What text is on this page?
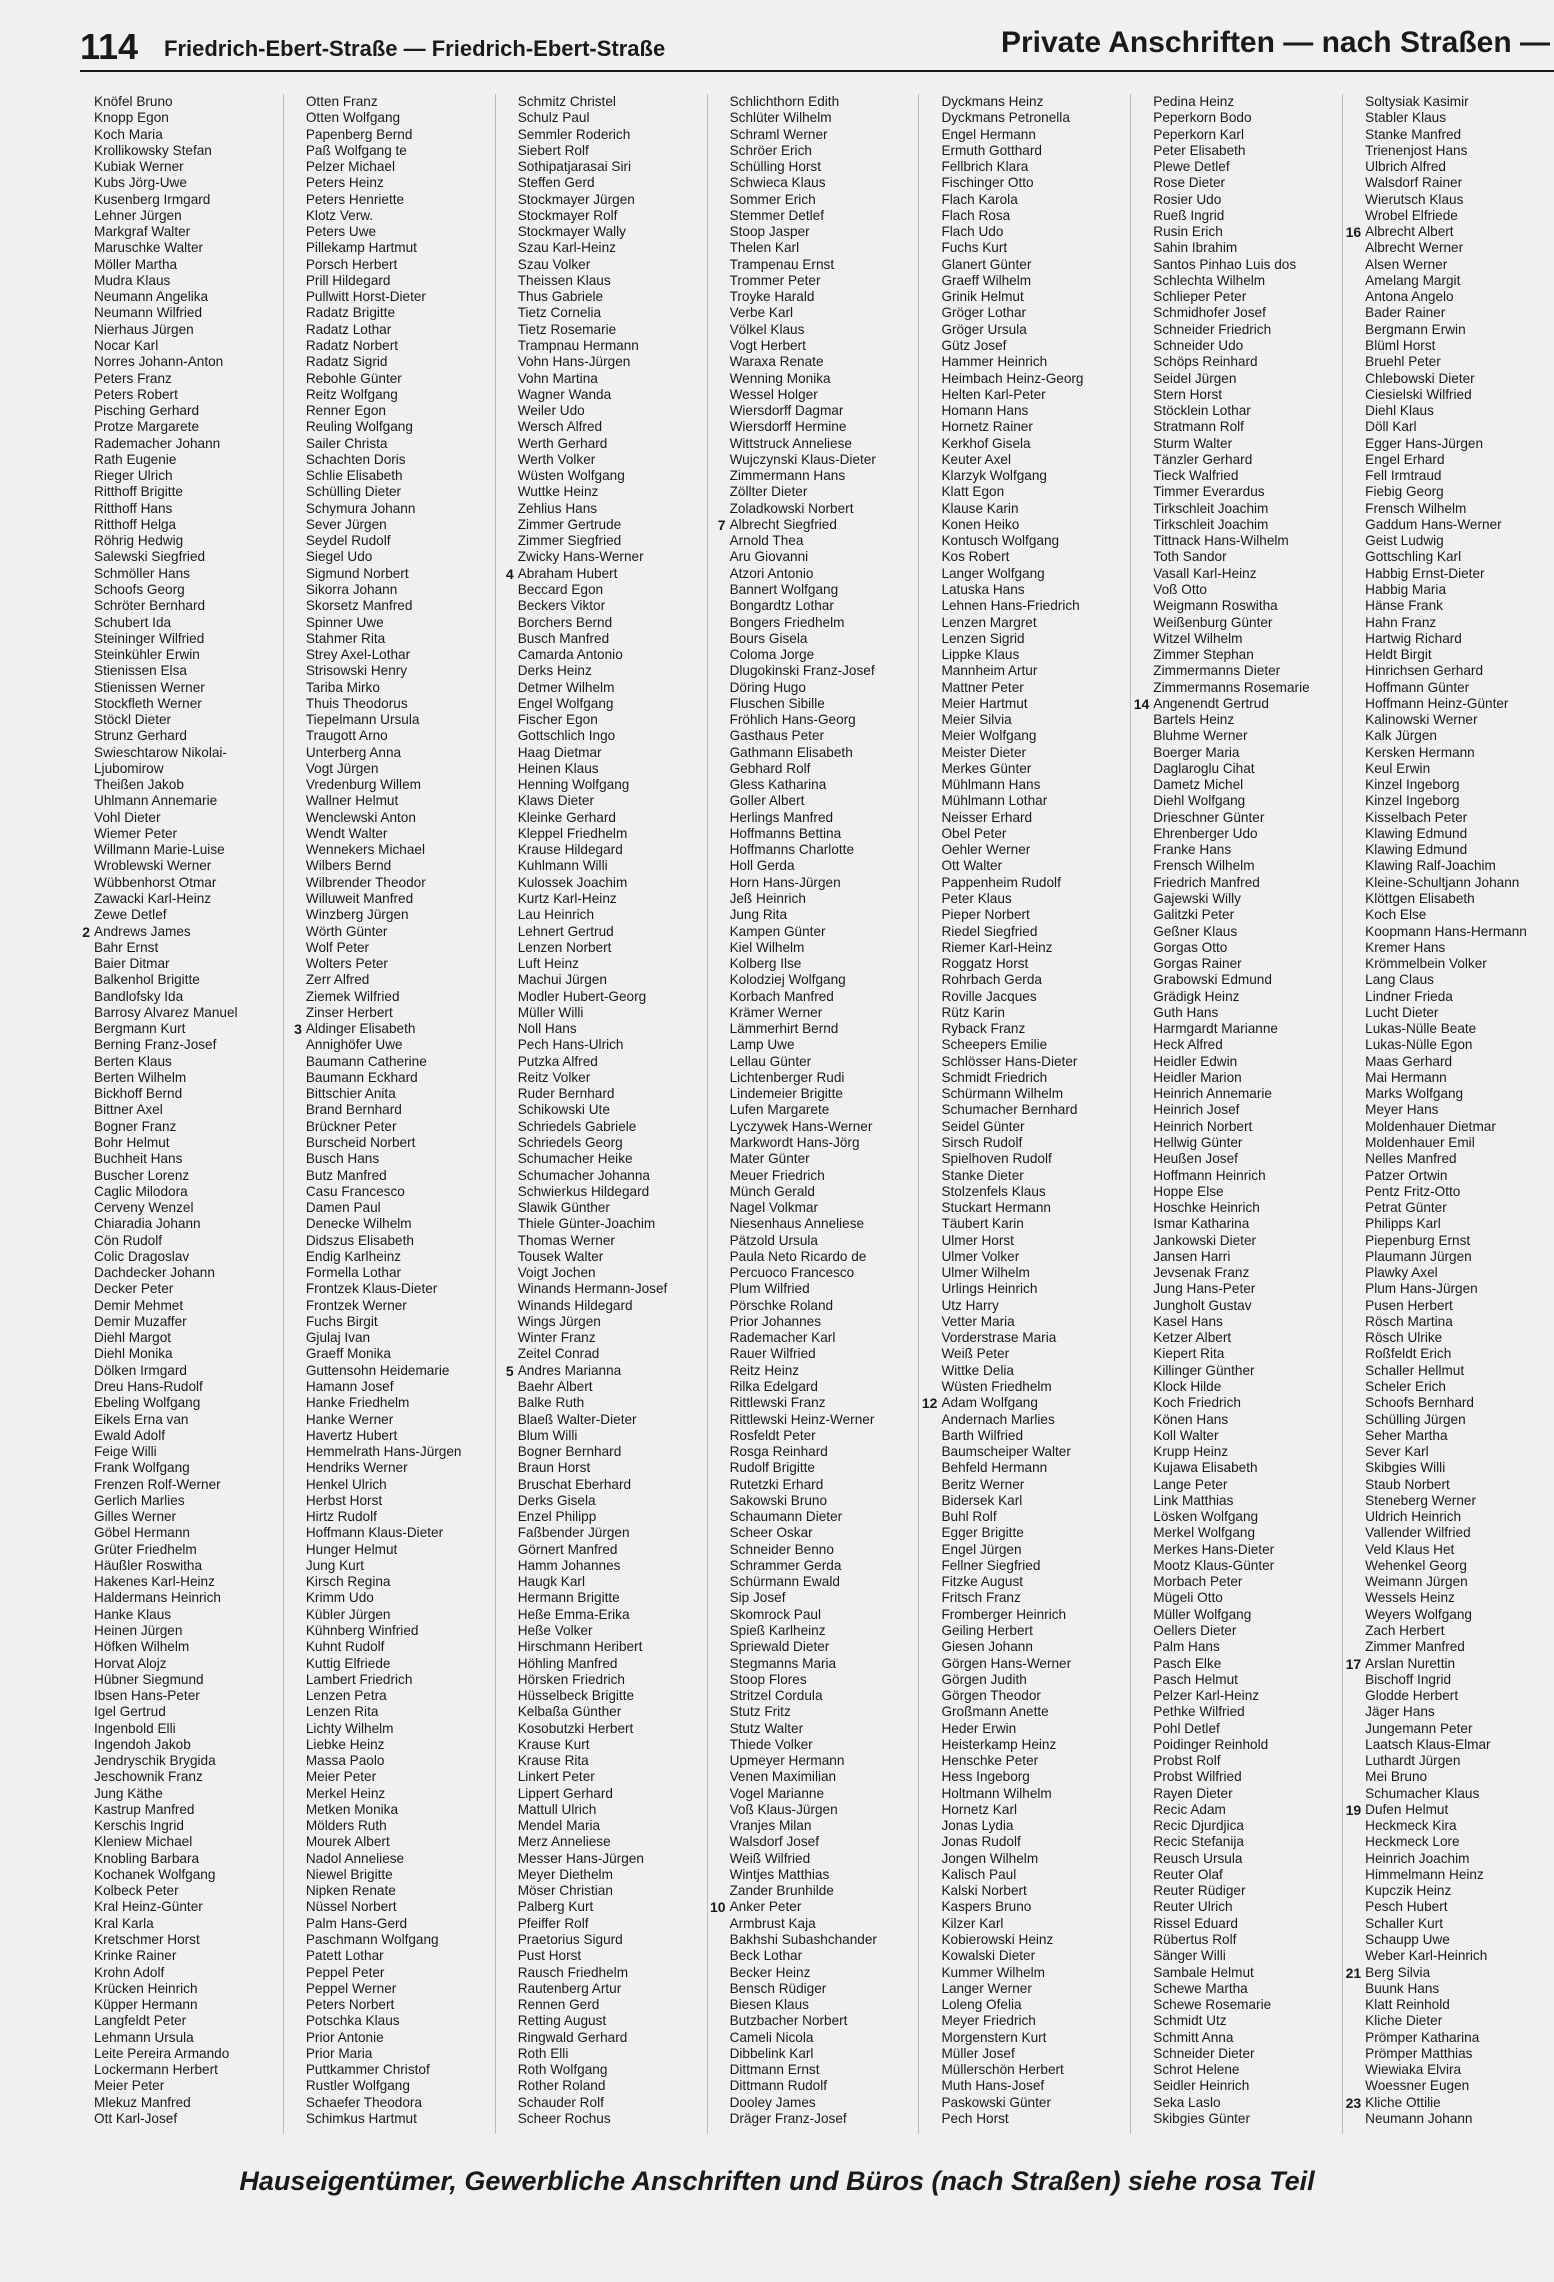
114 Friedrich-Ebert-Straße — Friedrich-Ebert-Straße	Private Anschriften — nach Straßen —
Knöfel Bruno
Knopp Egon
Koch Maria
Krollikowsky Stefan
Kubiak Werner
Kubs Jörg-Uwe
Kusenberg Irmgard
Lehner Jürgen
Markgraf Walter
Maruschke Walter
Möller Martha
Mudra Klaus
Neumann Angelika
Neumann Wilfried
Nierhaus Jürgen
Nocar Karl
Norres Johann-Anton
Peters Franz
Peters Robert
Pisching Gerhard
Protze Margarete
Rademacher Johann
Rath Eugenie
Rieger Ulrich
Ritthoff Brigitte
Ritthoff Hans
Ritthoff Helga
Röhrig Hedwig
Salewski Siegfried
Schmöller Hans
Schoofs Georg
Schröter Bernhard
Schubert Ida
Steininger Wilfried
Steinkühler Erwin
Stienissen Elsa
Stienissen Werner
Stockfleth Werner
Stöckl Dieter
Strunz Gerhard
Swieschtarow Nikolai-
Ljubomirow
Theißen Jakob
Uhlmann Annemarie
Vohl Dieter
Wiemer Peter
Willmann Marie-Luise
Wroblewski Werner
Wübbenhorst Otmar
Zawacki Karl-Heinz
Zewe Detlef
2 Andrews James
Bahr Ernst
Baier Ditmar
Balkenhol Brigitte
Bandlofsky Ida
Barrosy Alvarez Manuel
Bergmann Kurt
Berning Franz-Josef
Berten Klaus
Berten Wilhelm
Bickhoff Bernd
Bittner Axel
Bogner Franz
Bohr Helmut
Buchheit Hans
Buscher Lorenz
Caglic Milodora
Cerveny Wenzel
Chiaradia Johann
Cön Rudolf
Colic Dragoslav
Dachdecker Johann
Decker Peter
Demir Mehmet
Demir Muzaffer
Diehl Margot
Diehl Monika
Dölken Irmgard
Dreu Hans-Rudolf
Ebeling Wolfgang
Eikels Erna van
Ewald Adolf
Feige Willi
Frank Wolfgang
Frenzen Rolf-Werner
Gerlich Marlies
Gilles Werner
Göbel Hermann
Grüter Friedhelm
Häußler Roswitha
Hakenes Karl-Heinz
Haldermans Heinrich
Hanke Klaus
Heinen Jürgen
Höfken Wilhelm
Horvat Alojz
Hübner Siegmund
Ibsen Hans-Peter
Igel Gertrud
Ingenbold Elli
Ingendoh Jakob
Jendryschik Brygida
Jeschownik Franz
Jung Käthe
Kastrup Manfred
Kerschis Ingrid
Kleniew Michael
Knobling Barbara
Kochanek Wolfgang
Kolbeck Peter
Kral Heinz-Günter
Kral Karla
Kretschmer Horst
Krinke Rainer
Krohn Adolf
Krücken Heinrich
Küpper Hermann
Langfeldt Peter
Lehmann Ursula
Leite Pereira Armando
Lockermann Herbert
Meier Peter
Mlekuz Manfred
Ott Karl-Josef
Otten Franz
Otten Wolfgang
Papenberg Bernd
Paß Wolfgang te
Pelzer Michael
Peters Heinz
Peters Henriette
Klotz Verw.
Peters Uwe
Pillekamp Hartmut
Porsch Herbert
Prill Hildegard
Pullwitt Horst-Dieter
Radatz Brigitte
Radatz Lothar
Radatz Norbert
Radatz Sigrid
Rebohle Günter
Reitz Wolfgang
Renner Egon
Reuling Wolfgang
Sailer Christa
Schachten Doris
Schlie Elisabeth
Schülling Dieter
Schymura Johann
Sever Jürgen
Seydel Rudolf
Siegel Udo
Sigmund Norbert
Sikorra Johann
Skorsetz Manfred
Spinner Uwe
Stahmer Rita
Strey Axel-Lothar
Strisowski Henry
Tariba Mirko
Thuis Theodorus
Tiepelmann Ursula
Traugott Arno
Unterberg Anna
Vogt Jürgen
Vredenburg Willem
Wallner Helmut
Wenclewski Anton
Wendt Walter
Wennekers Michael
Wilbers Bernd
Wilbrender Theodor
Willuweit Manfred
Winzberg Jürgen
Wörth Günter
Wolf Peter
Wolters Peter
Zerr Alfred
Ziemek Wilfried
Zinser Herbert
3 Aldinger Elisabeth
Annighöfer Uwe
Baumann Catherine
Baumann Eckhard
Bittschier Anita
Brand Bernhard
Brückner Peter
Burscheid Norbert
Busch Hans
Butz Manfred
Casu Francesco
Damen Paul
Denecke Wilhelm
Didszus Elisabeth
Endig Karlheinz
Formella Lothar
Frontzek Klaus-Dieter
Frontzek Werner
Fuchs Birgit
Gjulaj Ivan
Graeff Monika
Guttensohn Heidemarie
Hamann Josef
Hanke Friedhelm
Hanke Werner
Havertz Hubert
Hemmelrath Hans-Jürgen
Hendriks Werner
Henkel Ulrich
Herbst Horst
Hirtz Rudolf
Hoffmann Klaus-Dieter
Hunger Helmut
Jung Kurt
Kirsch Regina
Krimm Udo
Kübler Jürgen
Kühnberg Winfried
Kuhnt Rudolf
Kuttig Elfriede
Lambert Friedrich
Lenzen Petra
Lenzen Rita
Lichty Wilhelm
Liebke Heinz
Massa Paolo
Meier Peter
Merkel Heinz
Metken Monika
Mölders Ruth
Mourek Albert
Nadol Anneliese
Niewel Brigitte
Nipken Renate
Nüssel Norbert
Palm Hans-Gerd
Paschmann Wolfgang
Patett Lothar
Peppel Peter
Peppel Werner
Peters Norbert
Potschka Klaus
Prior Antonie
Prior Maria
Puttkammer Christof
Rustler Wolfgang
Schaefer Theodora
Schimkus Hartmut
Schmitz Christel
Schulz Paul
Semmler Roderich
Siebert Rolf
Sothipatjarasai Siri
Steffen Gerd
Stockmayer Jürgen
Stockmayer Rolf
Stockmayer Wally
Szau Karl-Heinz
Szau Volker
Theissen Klaus
Thus Gabriele
Tietz Cornelia
Tietz Rosemarie
Trampnau Hermann
Vohn Hans-Jürgen
Vohn Martina
Wagner Wanda
Weiler Udo
Wersch Alfred
Werth Gerhard
Werth Volker
Wüsten Wolfgang
Wuttke Heinz
Zehlius Hans
Zimmer Gertrude
Zimmer Siegfried
Zwicky Hans-Werner
4 Abraham Hubert
Beccard Egon
Beckers Viktor
Borchers Bernd
Busch Manfred
Camarda Antonio
Derks Heinz
Detmer Wilhelm
Engel Wolfgang
Fischer Egon
Gottschlich Ingo
Haag Dietmar
Heinen Klaus
Henning Wolfgang
Klaws Dieter
Kleinke Gerhard
Kleppel Friedhelm
Krause Hildegard
Kuhlmann Willi
Kulossek Joachim
Kurtz Karl-Heinz
Lau Heinrich
Lehnert Gertrud
Lenzen Norbert
Luft Heinz
Machui Jürgen
Modler Hubert-Georg
Müller Willi
Noll Hans
Pech Hans-Ulrich
Putzka Alfred
Reitz Volker
Ruder Bernhard
Schikowski Ute
Schriedels Gabriele
Schriedels Georg
Schumacher Heike
Schumacher Johanna
Schwierkus Hildegard
Slawik Günther
Thiele Günter-Joachim
Thomas Werner
Tousek Walter
Voigt Jochen
Winands Hermann-Josef
Winands Hildegard
Wings Jürgen
Winter Franz
Zeitel Conrad
5 Andres Marianna
Baehr Albert
Balke Ruth
Blaeß Walter-Dieter
Blum Willi
Bogner Bernhard
Braun Horst
Bruschat Eberhard
Derks Gisela
Enzel Philipp
Faßbender Jürgen
Görnert Manfred
Hamm Johannes
Haugk Karl
Hermann Brigitte
Heße Emma-Erika
Heße Volker
Hirschmann Heribert
Höhling Manfred
Hörsken Friedrich
Hüsselbeck Brigitte
Kelbaßa Günther
Kosobutzki Herbert
Krause Kurt
Krause Rita
Linkert Peter
Lippert Gerhard
Mattull Ulrich
Mendel Maria
Merz Anneliese
Messer Hans-Jürgen
Meyer Diethelm
Möser Christian
Palberg Kurt
Pfeiffer Rolf
Praetorius Sigurd
Pust Horst
Rausch Friedhelm
Rautenberg Artur
Rennen Gerd
Retting August
Ringwald Gerhard
Roth Elli
Roth Wolfgang
Rother Roland
Schauder Rolf
Scheer Rochus
Schlichthorn Edith
Schlüter Wilhelm
Schraml Werner
Schröer Erich
Schülling Horst
Schwieca Klaus
Sommer Erich
Stemmer Detlef
Stoop Jasper
Thelen Karl
Trampenau Ernst
Trommer Peter
Troyke Harald
Verbe Karl
Völkel Klaus
Vogt Herbert
Waraxa Renate
Wenning Monika
Wessel Holger
Wiersdorff Dagmar
Wiersdorff Hermine
Wittstruck Anneliese
Wujczynski Klaus-Dieter
Zimmermann Hans
Zöllter Dieter
Zoladkowski Norbert
7 Albrecht Siegfried
Arnold Thea
Aru Giovanni
Atzori Antonio
Bannert Wolfgang
Bongardtz Lothar
Bongers Friedhelm
Bours Gisela
Coloma Jorge
Dlugokinski Franz-Josef
Döring Hugo
Fluschen Sibille
Fröhlich Hans-Georg
Gasthaus Peter
Gathmann Elisabeth
Gebhard Rolf
Gless Katharina
Goller Albert
Herlings Manfred
Hoffmanns Bettina
Hoffmanns Charlotte
Holl Gerda
Horn Hans-Jürgen
Jeß Heinrich
Jung Rita
Kampen Günter
Kiel Wilhelm
Kolberg Ilse
Kolodziej Wolfgang
Korbach Manfred
Krämer Werner
Lämmerhirt Bernd
Lamp Uwe
Lellau Günter
Lichtenberger Rudi
Lindemeier Brigitte
Lufen Margarete
Lyczywek Hans-Werner
Markwordt Hans-Jörg
Mater Günter
Meuer Friedrich
Münch Gerald
Nagel Volkmar
Niesenhaus Anneliese
Pätzold Ursula
Paula Neto Ricardo de
Percuoco Francesco
Plum Wilfried
Pörschke Roland
Prior Johannes
Rademacher Karl
Rauer Wilfried
Reitz Heinz
Rilka Edelgard
Rittlewski Franz
Rittlewski Heinz-Werner
Rosfeldt Peter
Rosga Reinhard
Rudolf Brigitte
Rutetzki Erhard
Sakowski Bruno
Schaumann Dieter
Scheer Oskar
Schneider Benno
Schrammer Gerda
Schürmann Ewald
Sip Josef
Skomrock Paul
Spieß Karlheinz
Spriewald Dieter
Stegmanns Maria
Stoop Flores
Stritzel Cordula
Stutz Fritz
Stutz Walter
Thiede Volker
Upmeyer Hermann
Venen Maximilian
Vogel Marianne
Voß Klaus-Jürgen
Vranjes Milan
Walsdorf Josef
Weiß Wilfried
Wintjes Matthias
Zander Brunhilde
10 Anker Peter
Armbrust Kaja
Bakhshi Subashchander
Beck Lothar
Becker Heinz
Bensch Rüdiger
Biesen Klaus
Butzbacher Norbert
Cameli Nicola
Dibbelink Karl
Dittmann Ernst
Dittmann Rudolf
Dooley James
Dräger Franz-Josef
Dyckmans Heinz
Dyckmans Petronella
Engel Hermann
Ermuth Gotthard
Fellbrich Klara
Fischinger Otto
Flach Karola
Flach Rosa
Flach Udo
Fuchs Kurt
Glanert Günter
Graeff Wilhelm
Grinik Helmut
Gröger Lothar
Gröger Ursula
Gütz Josef
Hammer Heinrich
Heimbach Heinz-Georg
Helten Karl-Peter
Homann Hans
Hornetz Rainer
Kerkhof Gisela
Keuter Axel
Klarzyk Wolfgang
Klatt Egon
Klause Karin
Konen Heiko
Kontusch Wolfgang
Kos Robert
Langer Wolfgang
Latuska Hans
Lehnen Hans-Friedrich
Lenzen Margret
Lenzen Sigrid
Lippke Klaus
Mannheim Artur
Mattner Peter
Meier Hartmut
Meier Silvia
Meier Wolfgang
Meister Dieter
Merkes Günter
Mühlmann Hans
Mühlmann Lothar
Neisser Erhard
Obel Peter
Oehler Werner
Ott Walter
Pappenheim Rudolf
Peter Klaus
Pieper Norbert
Riedel Siegfried
Riemer Karl-Heinz
Roggatz Horst
Rohrbach Gerda
Roville Jacques
Rütz Karin
Ryback Franz
Scheepers Emilie
Schlösser Hans-Dieter
Schmidt Friedrich
Schürmann Wilhelm
Schumacher Bernhard
Seidel Günter
Sirsch Rudolf
Spielhoven Rudolf
Stanke Dieter
Stolzenfels Klaus
Stuckart Hermann
Täubert Karin
Ulmer Horst
Ulmer Volker
Ulmer Wilhelm
Urlings Heinrich
Utz Harry
Vetter Maria
Vorderstrase Maria
Weiß Peter
Wittke Delia
Wüsten Friedhelm
12 Adam Wolfgang
Andernach Marlies
Barth Wilfried
Baumscheiper Walter
Behfeld Hermann
Beritz Werner
Bidersek Karl
Buhl Rolf
Egger Brigitte
Engel Jürgen
Fellner Siegfried
Fitzke August
Fritsch Franz
Fromberger Heinrich
Geiling Herbert
Giesen Johann
Görgen Hans-Werner
Görgen Judith
Görgen Theodor
Großmann Anette
Heder Erwin
Heisterkamp Heinz
Henschke Peter
Hess Ingeborg
Holtmann Wilhelm
Hornetz Karl
Jonas Lydia
Jonas Rudolf
Jongen Wilhelm
Kalisch Paul
Kalski Norbert
Kaspers Bruno
Kilzer Karl
Kobierowski Heinz
Kowalski Dieter
Kummer Wilhelm
Langer Werner
Loleng Ofelia
Meyer Friedrich
Morgenstern Kurt
Müller Josef
Müllerschön Herbert
Muth Hans-Josef
Paskowski Günter
Pech Horst
Pedina Heinz
Peperkorn Bodo
Peperkorn Karl
Peter Elisabeth
Plewe Detlef
Rose Dieter
Rosier Udo
Rueß Ingrid
Rusin Erich
Sahin Ibrahim
Santos Pinhao Luis dos
Schlechta Wilhelm
Schlieper Peter
Schmidhofer Josef
Schneider Friedrich
Schneider Udo
Schöps Reinhard
Seidel Jürgen
Stern Horst
Stöcklein Lothar
Stratmann Rolf
Sturm Walter
Tänzler Gerhard
Tieck Walfried
Timmer Everardus
Tirkschleit Joachim
Tirkschleit Joachim
Tittnack Hans-Wilhelm
Toth Sandor
Vasall Karl-Heinz
Voß Otto
Weigmann Roswitha
Weißenburg Günter
Witzel Wilhelm
Zimmer Stephan
Zimmermanns Dieter
Zimmermanns Rosemarie
14 Angenendt Gertrud
Bartels Heinz
Bluhme Werner
Boerger Maria
Daglaroglu Cihat
Dametz Michel
Diehl Wolfgang
Drieschner Günter
Ehrenberger Udo
Franke Hans
Frensch Wilhelm
Friedrich Manfred
Gajewski Willy
Galitzki Peter
Geßner Klaus
Gorgas Otto
Gorgas Rainer
Grabowski Edmund
Grädigk Heinz
Guth Hans
Harmgardt Marianne
Heck Alfred
Heidler Edwin
Heidler Marion
Heinrich Annemarie
Heinrich Josef
Heinrich Norbert
Hellwig Günter
Heußen Josef
Hoffmann Heinrich
Hoppe Else
Hoschke Heinrich
Ismar Katharina
Jankowski Dieter
Jansen Harri
Jevsenak Franz
Jung Hans-Peter
Jungholt Gustav
Kasel Hans
Ketzer Albert
Kiepert Rita
Killinger Günther
Klock Hilde
Koch Friedrich
Könen Hans
Koll Walter
Krupp Heinz
Kujawa Elisabeth
Lange Peter
Link Matthias
Lösken Wolfgang
Merkel Wolfgang
Merkes Hans-Dieter
Mootz Klaus-Günter
Morbach Peter
Mügeli Otto
Müller Wolfgang
Oellers Dieter
Palm Hans
Pasch Elke
Pasch Helmut
Pelzer Karl-Heinz
Pethke Wilfried
Pohl Detlef
Poidinger Reinhold
Probst Rolf
Probst Wilfried
Rayen Dieter
Recic Adam
Recic Djurdjica
Recic Stefanija
Reusch Ursula
Reuter Olaf
Reuter Rüdiger
Reuter Ulrich
Rissel Eduard
Rübertus Rolf
Sänger Willi
Sambale Helmut
Schewe Martha
Schewe Rosemarie
Schmidt Utz
Schmitt Anna
Schneider Dieter
Schrot Helene
Seidler Heinrich
Seka Laslo
Skibgies Günter
Soltysiak Kasimir
Stabler Klaus
Stanke Manfred
Trienenjost Hans
Ulbrich Alfred
Walsdorf Rainer
Wierutsch Klaus
Wrobel Elfriede
16 Albrecht Albert
Albrecht Werner
Alsen Werner
Amelang Margit
Antona Angelo
Bader Rainer
Bergmann Erwin
Blüml Horst
Bruehl Peter
Chlebowski Dieter
Ciesielski Wilfried
Diehl Klaus
Döll Karl
Egger Hans-Jürgen
Engel Erhard
Fell Irmtraud
Fiebig Georg
Frensch Wilhelm
Gaddum Hans-Werner
Geist Ludwig
Gottschling Karl
Habbig Ernst-Dieter
Habbig Maria
Hänse Frank
Hahn Franz
Hartwig Richard
Heldt Birgit
Hinrichsen Gerhard
Hoffmann Günter
Hoffmann Heinz-Günter
Kalinowski Werner
Kalk Jürgen
Kersken Hermann
Keul Erwin
Kinzel Ingeborg
Kinzel Ingeborg
Kisselbach Peter
Klawing Edmund
Klawing Edmund
Klawing Ralf-Joachim
Kleine-Schultjann Johann
Klöttgen Elisabeth
Koch Else
Koopmann Hans-Hermann
Kremer Hans
Krömmelbein Volker
Lang Claus
Lindner Frieda
Lucht Dieter
Lukas-Nülle Beate
Lukas-Nülle Egon
Maas Gerhard
Mai Hermann
Marks Wolfgang
Meyer Hans
Moldenhauer Dietmar
Moldenhauer Emil
Nelles Manfred
Patzer Ortwin
Pentz Fritz-Otto
Petrat Günter
Philipps Karl
Piepenburg Ernst
Plaumann Jürgen
Plawky Axel
Plum Hans-Jürgen
Pusen Herbert
Rösch Martina
Rösch Ulrike
Roßfeldt Erich
Schaller Hellmut
Scheler Erich
Schoofs Bernhard
Schülling Jürgen
Seher Martha
Sever Karl
Skibgies Willi
Staub Norbert
Steneberg Werner
Uldrich Heinrich
Vallender Wilfried
Veld Klaus Het
Wehenkel Georg
Weimann Jürgen
Wessels Heinz
Weyers Wolfgang
Zach Herbert
Zimmer Manfred
17 Arslan Nurettin
Bischoff Ingrid
Glodde Herbert
Jäger Hans
Jungemann Peter
Laatsch Klaus-Elmar
Luthardt Jürgen
Mei Bruno
Schumacher Klaus
19 Dufen Helmut
Heckmeck Kira
Heckmeck Lore
Heinrich Joachim
Himmelmann Heinz
Kupczik Heinz
Pesch Hubert
Schaller Kurt
Schaupp Uwe
Weber Karl-Heinrich
21 Berg Silvia
Buunk Hans
Klatt Reinhold
Kliche Dieter
Prömper Katharina
Prömper Matthias
Wiewiaka Elvira
Woessner Eugen
23 Kliche Ottilie
Neumann Johann
Hauseigentümer, Gewerbliche Anschriften und Büros (nach Straßen) siehe rosa Teil
